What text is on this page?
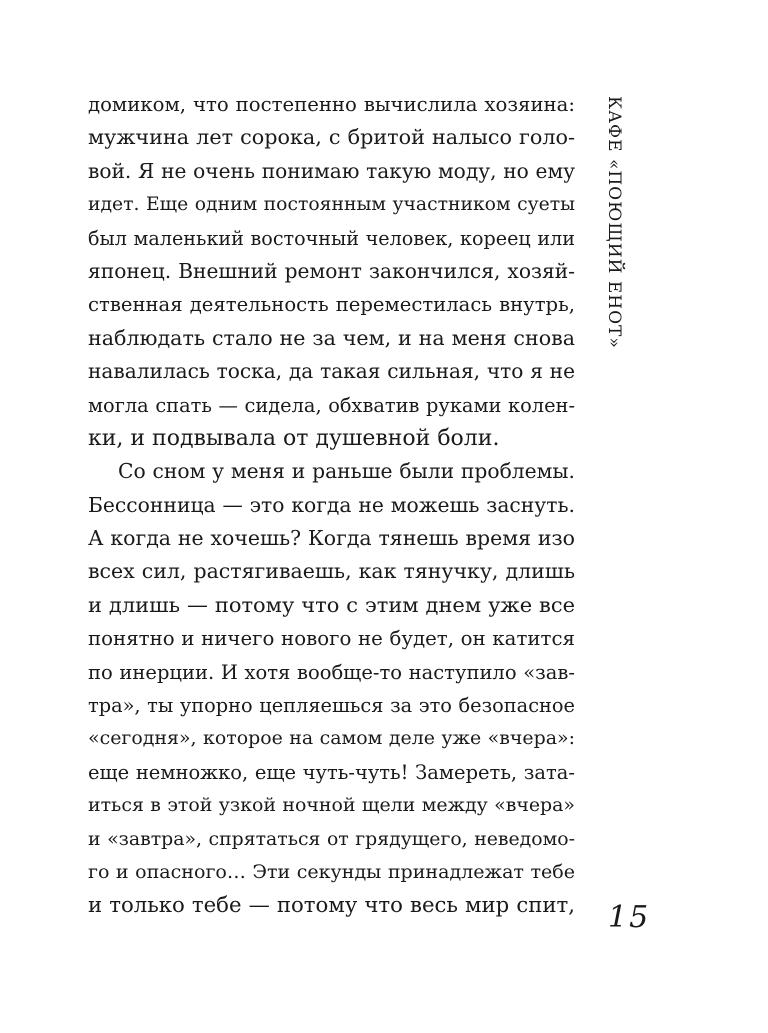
домиком, что постепенно вычислила хозяина:
мужчина лет сорока, с бритой налысо голо-
вой. Я не очень понимаю такую моду, но ему
идет. Еще одним постоянным участником суеты
был маленький восточный человек, кореец или
японец. Внешний ремонт закончился, хозяй-
ственная деятельность переместилась внутрь,
наблюдать стало не за чем, и на меня снова
навалилась тоска, да такая сильная, что я не
могла спать — сидела, обхватив руками колен-
ки, и подвывала от душевной боли.
Со сном у меня и раньше были проблемы.
Бессонница — это когда не можешь заснуть.
А когда не хочешь? Когда тянешь время изо
всех сил, растягиваешь, как тянучку, длишь
и длишь — потому что с этим днем уже все
понятно и ничего нового не будет, он катится
по инерции. И хотя вообще-то наступило «зав-
тра», ты упорно цепляешься за это безопасное
«сегодня», которое на самом деле уже «вчера»:
еще немножко, еще чуть-чуть! Замереть, зата-
иться в этой узкой ночной щели между «вчера»
и «завтра», спрятаться от грядущего, неведомо-
го и опасного… Эти секунды принадлежат тебе
и только тебе — потому что весь мир спит,
КАФЕ «ПОЮЩИЙ ЕНОТ»
15
